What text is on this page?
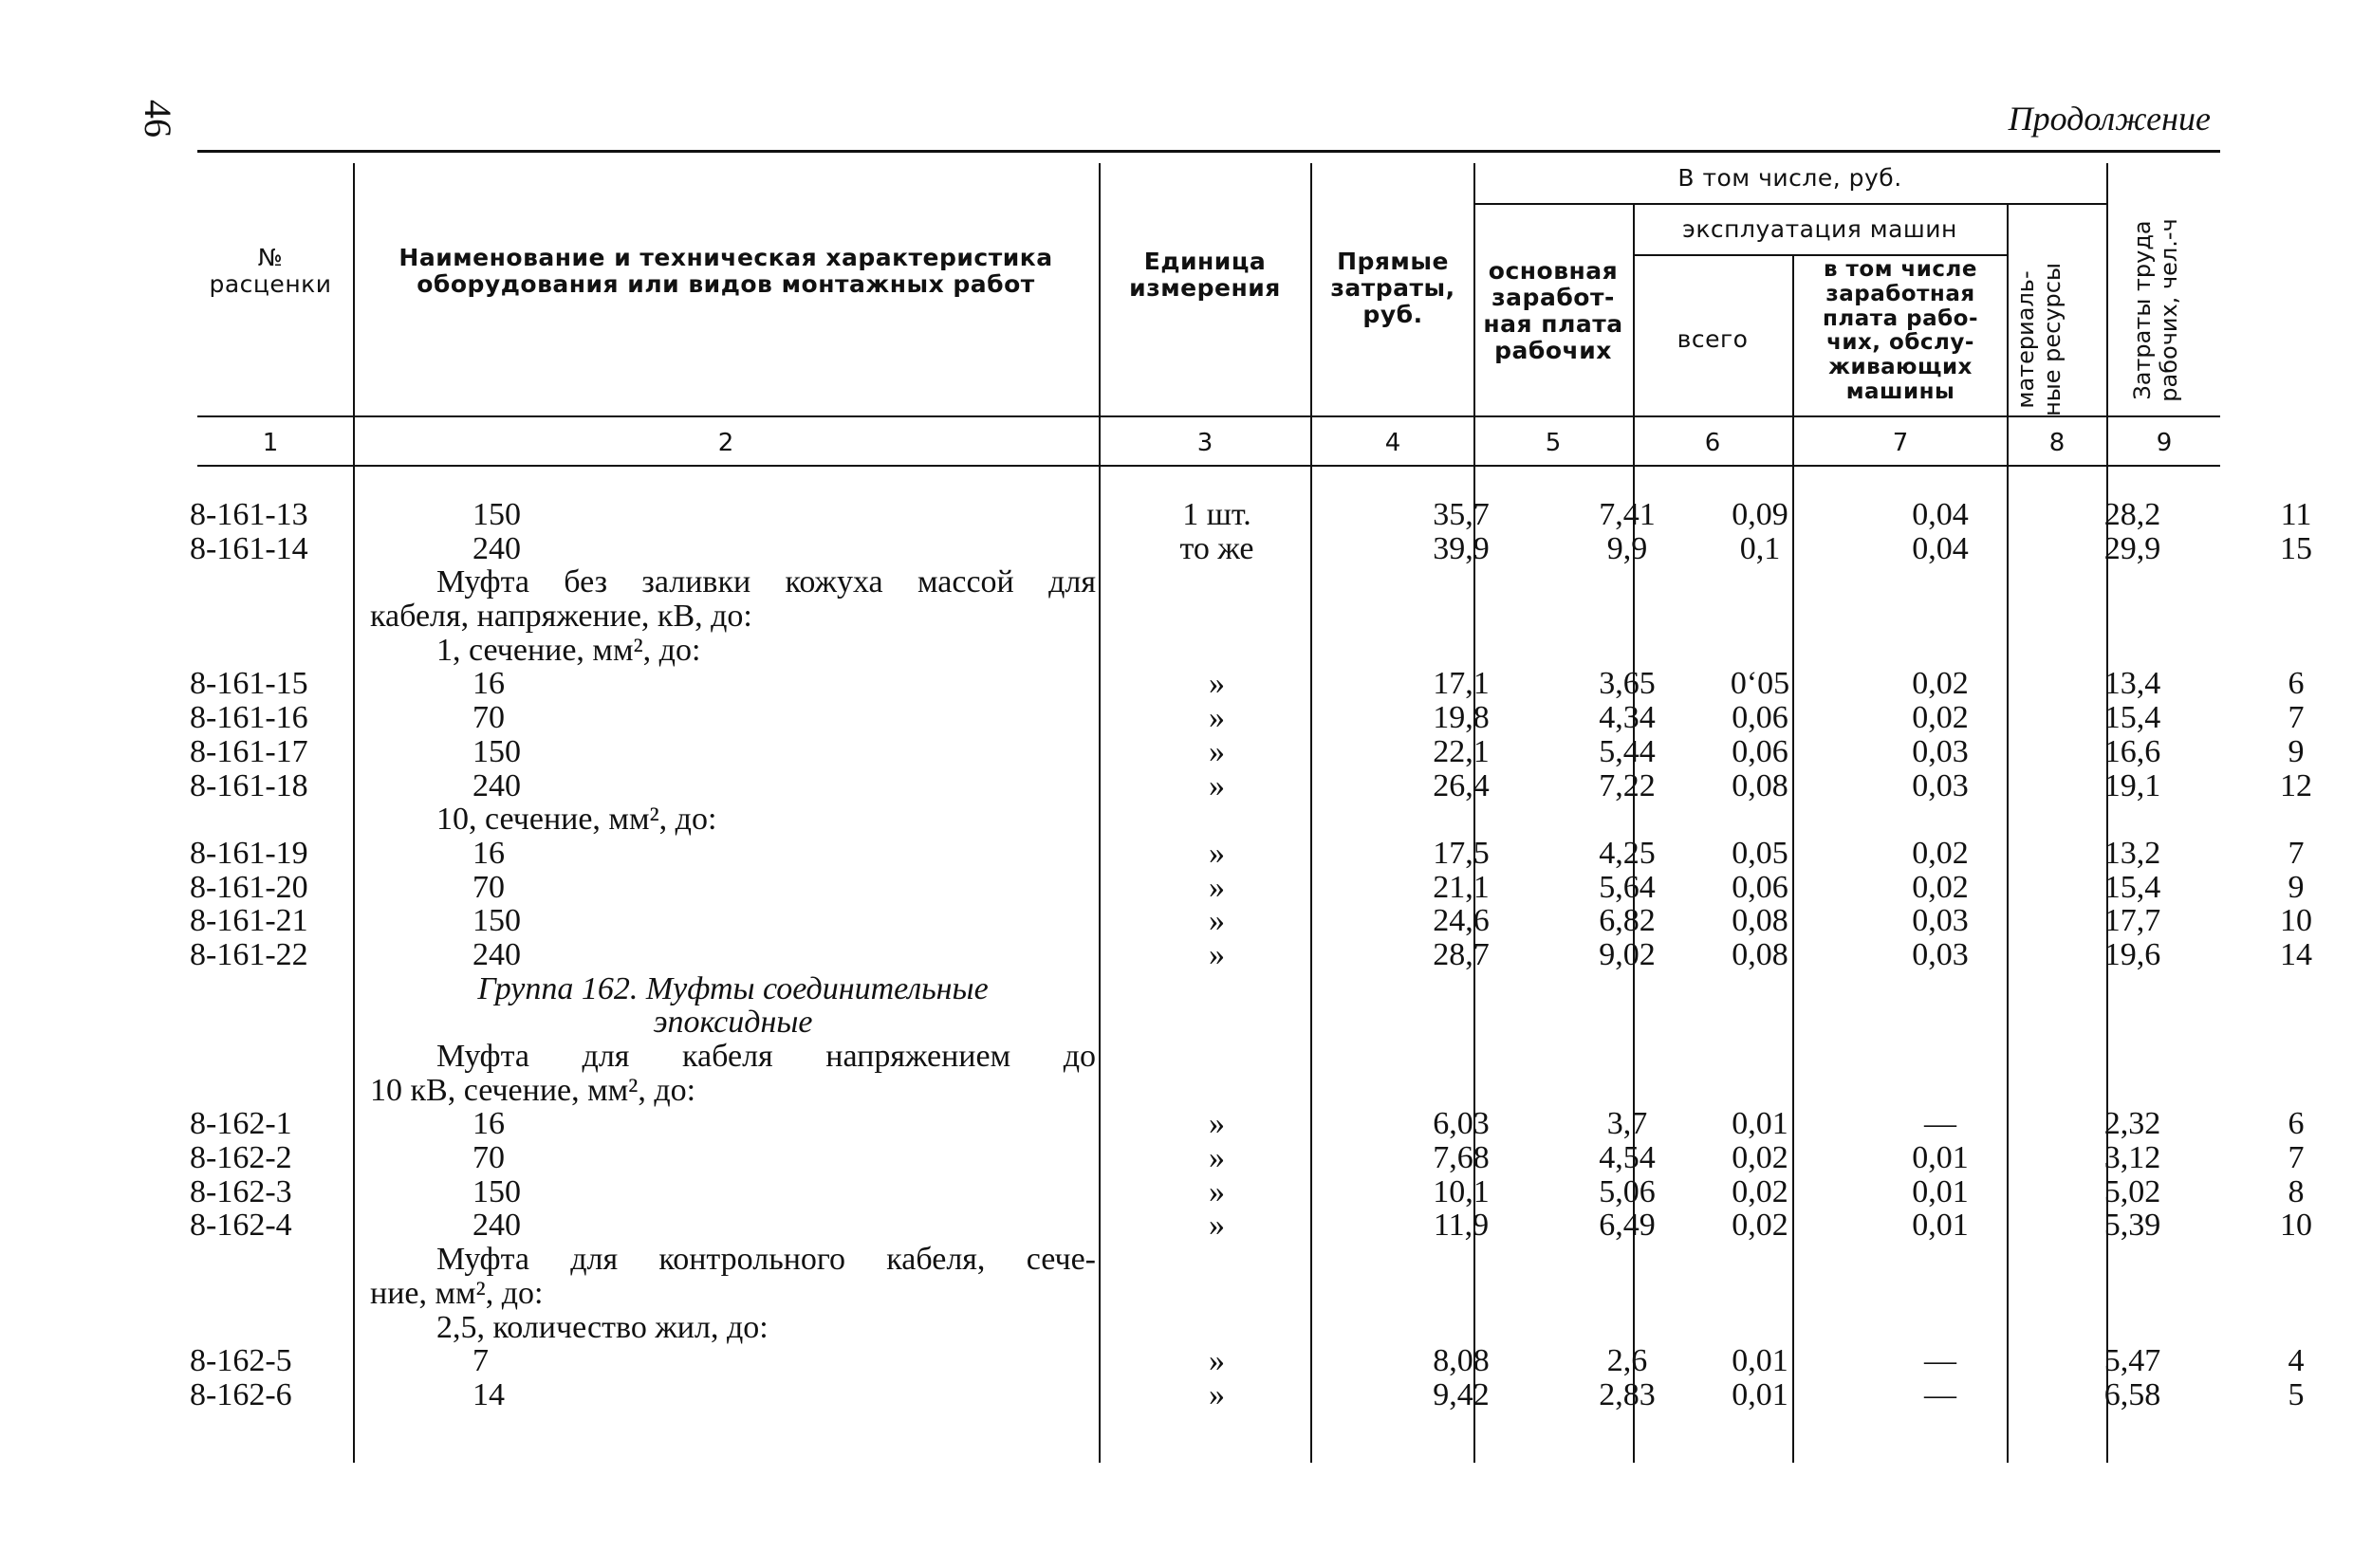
46	Продолжение
№
расценки
Наименование и техническая характеристика
оборудования или видов монтажных работ
Единица
измерения
Прямые
затраты,
руб.
В том числе, руб.
основная
заработ-
ная плата
рабочих
эксплуатация машин
всего
в том числе
заработная
плата рабо-
чих, обслу-
живающих
машины	материаль-
ные ресурсы	Затраты труда
рабочих, чел.-ч
1	2	3	4	5	6	7	8	9
8-161-13	150	1 шт.	35,7	7,41	0,09	0,04	28,2	11
8-161-14	240	то же	39,9	9,9	0,1	0,04	29,9	15
Муфта без заливки кожуха массой для
кабеля, напряжение, кВ, до:
1, сечение, мм², до:
8-161-15	16	»	17,1	3,65	0‘05	0,02	13,4	6
8-161-16	70	»	19,8	4,34	0,06	0,02	15,4	7
8-161-17	150	»	22,1	5,44	0,06	0,03	16,6	9
8-161-18	240	»	26,4	7,22	0,08	0,03	19,1	12
10, сечение, мм², до:
8-161-19	16	»	17,5	4,25	0,05	0,02	13,2	7
8-161-20	70	»	21,1	5,64	0,06	0,02	15,4	9
8-161-21	150	»	24,6	6,82	0,08	0,03	17,7	10
8-161-22	240	»	28,7	9,02	0,08	0,03	19,6	14
Группа 162. Муфты соединительные
эпоксидные
Муфта для кабеля напряжением до
10 кВ, сечение, мм², до:
8-162-1	16	»	6,03	3,7	0,01	—	2,32	6
8-162-2	70	»	7,68	4,54	0,02	0,01	3,12	7
8-162-3	150	»	10,1	5,06	0,02	0,01	5,02	8
8-162-4	240	»	11,9	6,49	0,02	0,01	5,39	10
Муфта для контрольного кабеля, сече-
ние, мм², до:
2,5, количество жил, до:
8-162-5	7	»	8,08	2,6	0,01	—	5,47	4
8-162-6	14	»	9,42	2,83	0,01	—	6,58	5
